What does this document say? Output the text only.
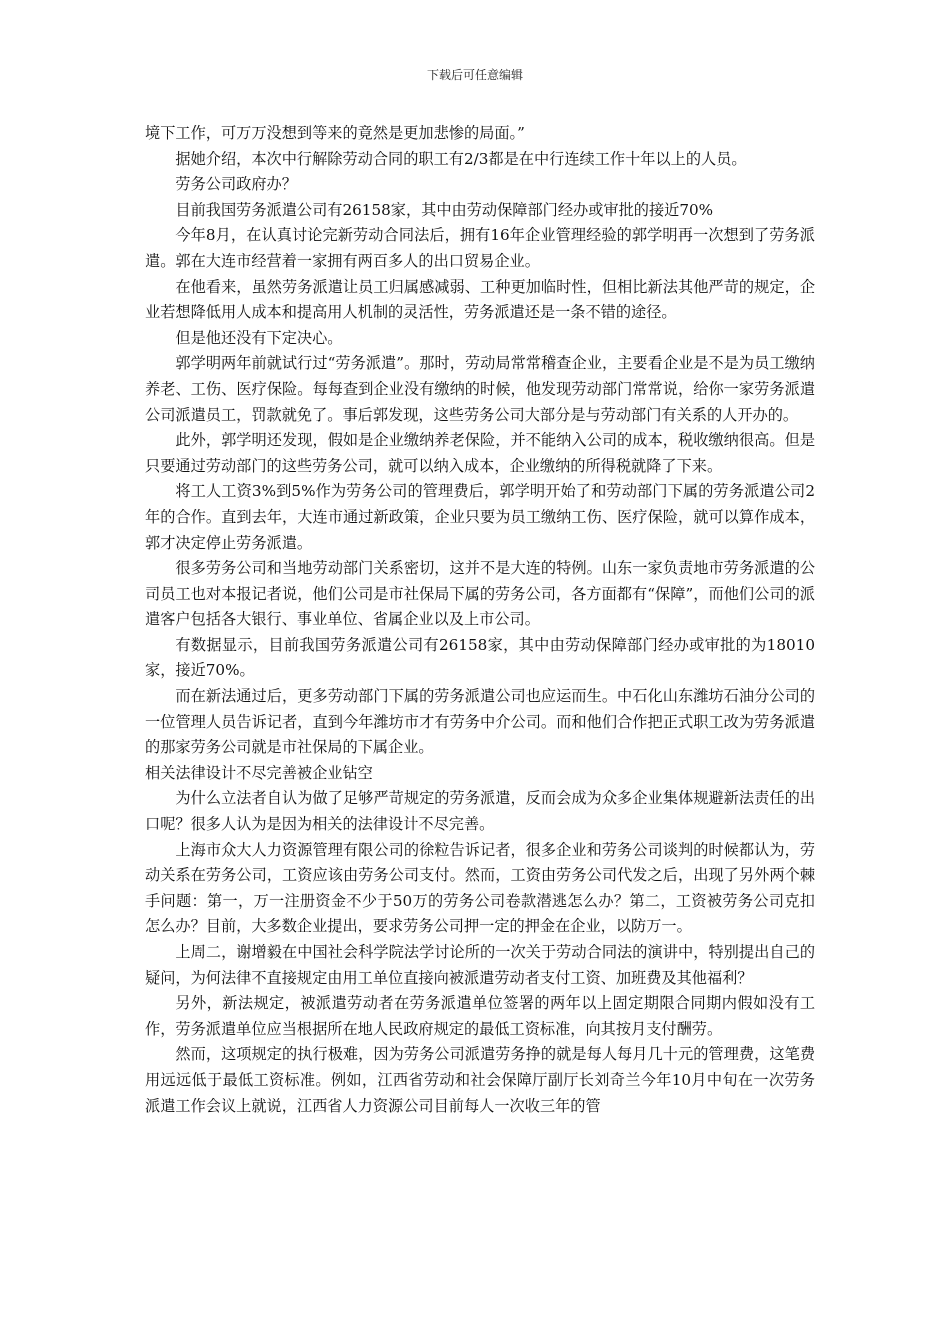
下载后可任意编辑

境下工作，可万万没想到等来的竟然是更加悲惨的局面。”

据她介绍，本次中行解除劳动合同的职工有2/3都是在中行连续工作十年以上的人员。

劳务公司政府办？

目前我国劳务派遣公司有26158家，其中由劳动保障部门经办或审批的接近70%

今年8月，在认真讨论完新劳动合同法后，拥有16年企业管理经验的郭学明再一次想到了劳务派遣。郭在大连市经营着一家拥有两百多人的出口贸易企业。

在他看来，虽然劳务派遣让员工归属感减弱、工种更加临时性，但相比新法其他严苛的规定，企业若想降低用人成本和提高用人机制的灵活性，劳务派遣还是一条不错的途径。

但是他还没有下定决心。

郭学明两年前就试行过“劳务派遣”。那时，劳动局常常稽查企业，主要看企业是不是为员工缴纳养老、工伤、医疗保险。每每查到企业没有缴纳的时候，他发现劳动部门常常说，给你一家劳务派遣公司派遣员工，罚款就免了。事后郭发现，这些劳务公司大部分是与劳动部门有关系的人开办的。

此外，郭学明还发现，假如是企业缴纳养老保险，并不能纳入公司的成本，税收缴纳很高。但是只要通过劳动部门的这些劳务公司，就可以纳入成本，企业缴纳的所得税就降了下来。

将工人工资3%到5%作为劳务公司的管理费后，郭学明开始了和劳动部门下属的劳务派遣公司2年的合作。直到去年，大连市通过新政策，企业只要为员工缴纳工伤、医疗保险，就可以算作成本，郭才决定停止劳务派遣。

很多劳务公司和当地劳动部门关系密切，这并不是大连的特例。山东一家负责地市劳务派遣的公司员工也对本报记者说，他们公司是市社保局下属的劳务公司，各方面都有“保障”，而他们公司的派遣客户包括各大银行、事业单位、省属企业以及上市公司。

有数据显示，目前我国劳务派遣公司有26158家，其中由劳动保障部门经办或审批的为18010家，接近70%。

而在新法通过后，更多劳动部门下属的劳务派遣公司也应运而生。中石化山东潍坊石油分公司的一位管理人员告诉记者，直到今年潍坊市才有劳务中介公司。而和他们合作把正式职工改为劳务派遣的那家劳务公司就是市社保局的下属企业。

相关法律设计不尽完善被企业钻空

为什么立法者自认为做了足够严苛规定的劳务派遣，反而会成为众多企业集体规避新法责任的出口呢？很多人认为是因为相关的法律设计不尽完善。

上海市众大人力资源管理有限公司的徐粒告诉记者，很多企业和劳务公司谈判的时候都认为，劳动关系在劳务公司，工资应该由劳务公司支付。然而，工资由劳务公司代发之后，出现了另外两个棘手问题：第一，万一注册资金不少于50万的劳务公司卷款潜逃怎么办？第二，工资被劳务公司克扣怎么办？目前，大多数企业提出，要求劳务公司押一定的押金在企业，以防万一。

上周二，谢增毅在中国社会科学院法学讨论所的一次关于劳动合同法的演讲中，特别提出自己的疑问，为何法律不直接规定由用工单位直接向被派遣劳动者支付工资、加班费及其他福利？

另外，新法规定，被派遣劳动者在劳务派遣单位签署的两年以上固定期限合同期内假如没有工作，劳务派遣单位应当根据所在地人民政府规定的最低工资标准，向其按月支付酬劳。

然而，这项规定的执行极难，因为劳务公司派遣劳务挣的就是每人每月几十元的管理费，这笔费用远远低于最低工资标准。例如，江西省劳动和社会保障厅副厅长刘奇兰今年10月中旬在一次劳务派遣工作会议上就说，江西省人力资源公司目前每人一次收三年的管
